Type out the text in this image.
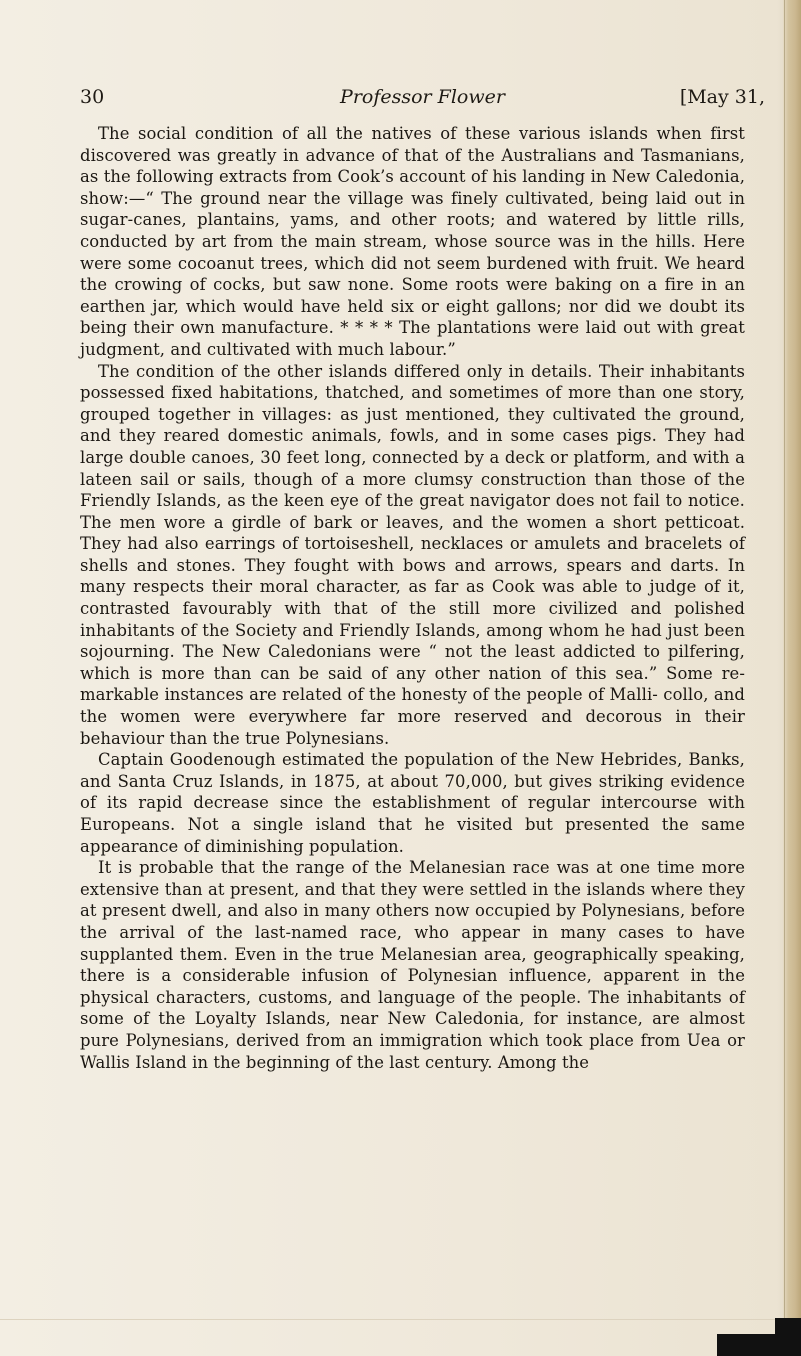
30	Professor Flower	[May 31,

The social condition of all the natives of these various islands when first discovered was greatly in advance of that of the Australians and Tasmanians, as the following extracts from Cook’s account of his landing in New Caledonia, show:—“ The ground near the village was finely cultivated, being laid out in sugar-canes, plantains, yams, and other roots; and watered by little rills, conducted by art from the main stream, whose source was in the hills. Here were some cocoanut trees, which did not seem burdened with fruit. We heard the crowing of cocks, but saw none. Some roots were baking on a fire in an earthen jar, which would have held six or eight gallons; nor did we doubt its being their own manufacture. * * * * The plantations were laid out with great judgment, and cultivated with much labour.”

The condition of the other islands differed only in details. Their inhabitants possessed fixed habitations, thatched, and sometimes of more than one story, grouped together in villages: as just mentioned, they cultivated the ground, and they reared domestic animals, fowls, and in some cases pigs. They had large double canoes, 30 feet long, connected by a deck or platform, and with a lateen sail or sails, though of a more clumsy construction than those of the Friendly Islands, as the keen eye of the great navigator does not fail to notice. The men wore a girdle of bark or leaves, and the women a short petticoat. They had also earrings of tortoiseshell, necklaces or amulets and bracelets of shells and stones. They fought with bows and arrows, spears and darts. In many respects their moral character, as far as Cook was able to judge of it, contrasted favourably with that of the still more civilized and polished inhabitants of the Society and Friendly Islands, among whom he had just been sojourning. The New Caledonians were “ not the least addicted to pilfering, which is more than can be said of any other nation of this sea.” Some re- markable instances are related of the honesty of the people of Malli- collo, and the women were everywhere far more reserved and decorous in their behaviour than the true Polynesians.

Captain Goodenough estimated the population of the New Hebrides, Banks, and Santa Cruz Islands, in 1875, at about 70,000, but gives striking evidence of its rapid decrease since the establishment of regular intercourse with Europeans. Not a single island that he visited but presented the same appearance of diminishing population.

It is probable that the range of the Melanesian race was at one time more extensive than at present, and that they were settled in the islands where they at present dwell, and also in many others now occupied by Polynesians, before the arrival of the last-named race, who appear in many cases to have supplanted them. Even in the true Melanesian area, geographically speaking, there is a considerable infusion of Polynesian influence, apparent in the physical characters, customs, and language of the people. The inhabitants of some of the Loyalty Islands, near New Caledonia, for instance, are almost pure Polynesians, derived from an immigration which took place from Uea or Wallis Island in the beginning of the last century. Among the
